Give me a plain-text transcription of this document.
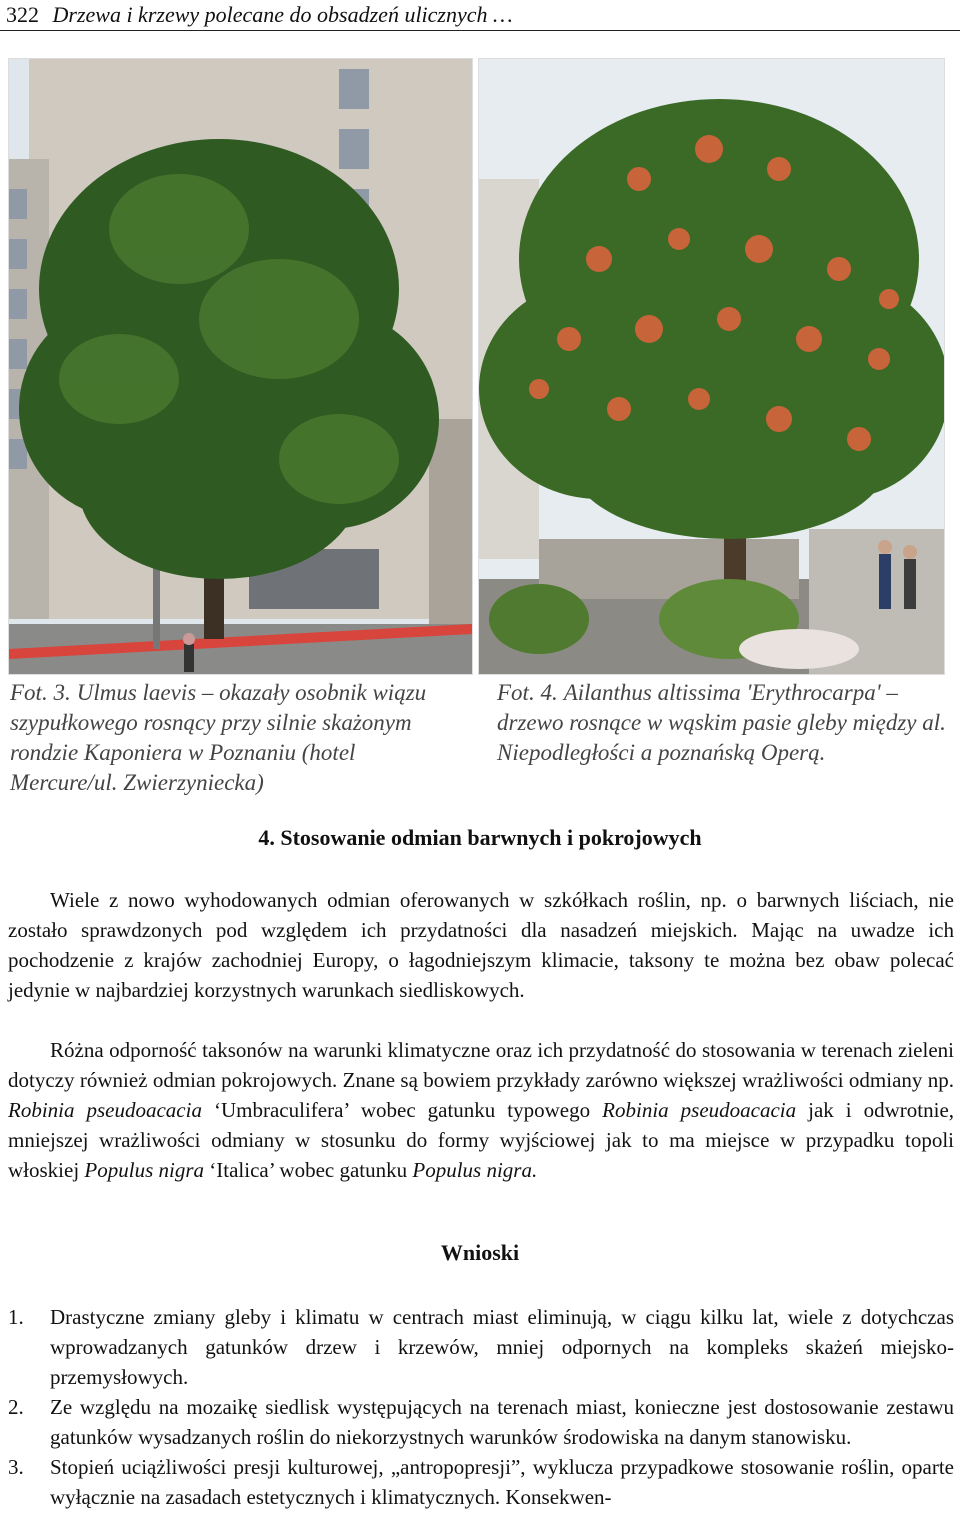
322 Drzewa i krzewy polecane do obsadzeń ulicznych …
Fot. 3. Ulmus laevis – okazały osobnik wiązu szypułkowego rosnący przy silnie skażonym rondzie Kaponiera w Poznaniu (hotel Mercure/ul. Zwierzyniecka)
Fot. 4. Ailanthus altissima 'Erythrocarpa' – drzewo rosnące w wąskim pasie gleby między al. Niepodległości a poznańską Operą.
4. Stosowanie odmian barwnych i pokrojowych
Wiele z nowo wyhodowanych odmian oferowanych w szkółkach roślin, np. o barwnych liściach, nie zostało sprawdzonych pod względem ich przydatności dla nasadzeń miejskich. Mając na uwadze ich pochodzenie z krajów zachodniej Europy, o łagodniejszym klimacie, taksony te można bez obaw polecać jedynie w najbardziej korzystnych warunkach siedliskowych.
Różna odporność taksonów na warunki klimatyczne oraz ich przydatność do stosowania w terenach zieleni dotyczy również odmian pokrojowych. Znane są bowiem przykłady zarówno większej wrażliwości odmiany np. Robinia pseudoacacia ‘Umbraculifera’ wobec gatunku typowego Robinia pseudoacacia jak i odwrotnie, mniejszej wrażliwości odmiany w stosunku do formy wyjściowej jak to ma miejsce w przypadku topoli włoskiej Populus nigra ‘Italica’ wobec gatunku Populus nigra.
Wnioski
1. Drastyczne zmiany gleby i klimatu w centrach miast eliminują, w ciągu kilku lat, wiele z dotychczas wprowadzanych gatunków drzew i krzewów, mniej odpornych na kompleks skażeń miejsko-przemysłowych.
2. Ze względu na mozaikę siedlisk występujących na terenach miast, konieczne jest dostosowanie zestawu gatunków wysadzanych roślin do niekorzystnych warunków środowiska na danym stanowisku.
3. Stopień uciążliwości presji kulturowej, „antropopresji”, wyklucza przypadkowe stosowanie roślin, oparte wyłącznie na zasadach estetycznych i klimatycznych. Konsekwen-
